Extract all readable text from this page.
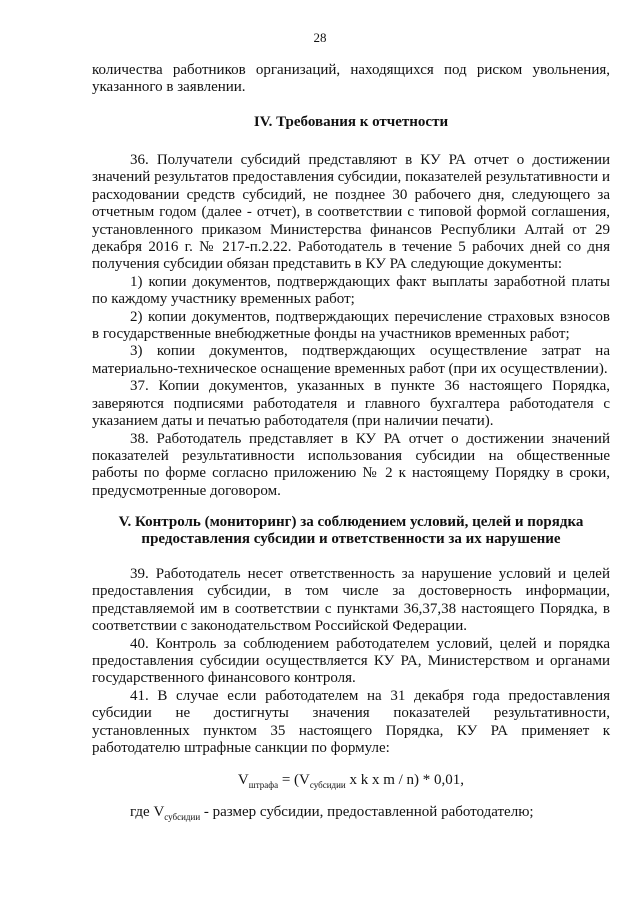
28

количества работников организаций, находящихся под риском увольнения, указанного в заявлении.

IV. Требования к отчетности

36. Получатели субсидий представляют в КУ РА отчет о достижении значений результатов предоставления субсидии, показателей результативности и расходовании средств субсидий, не позднее 30 рабочего дня, следующего за отчетным годом (далее - отчет), в соответствии с типовой формой соглашения, установленного приказом Министерства финансов Республики Алтай от 29 декабря 2016 г. № 217-п.2.22. Работодатель в течение 5 рабочих дней со дня получения субсидии обязан представить в КУ РА следующие документы:

1) копии документов, подтверждающих факт выплаты заработной платы по каждому участнику временных работ;

2) копии документов, подтверждающих перечисление страховых взносов в государственные внебюджетные фонды на участников временных работ;

3) копии документов, подтверждающих осуществление затрат на материально-техническое оснащение временных работ (при их осуществлении).

37. Копии документов, указанных в пункте 36 настоящего Порядка, заверяются подписями работодателя и главного бухгалтера работодателя с указанием даты и печатью работодателя (при наличии печати).

38. Работодатель представляет в КУ РА отчет о достижении значений показателей результативности использования субсидии на общественные работы по форме согласно приложению № 2 к настоящему Порядку в сроки, предусмотренные договором.

V. Контроль (мониторинг) за соблюдением условий, целей и порядка

предоставления субсидии и ответственности за их нарушение

39. Работодатель несет ответственность за нарушение условий и целей предоставления субсидии, в том числе за достоверность информации, представляемой им в соответствии с пунктами 36,37,38 настоящего Порядка, в соответствии с законодательством Российской Федерации.

40. Контроль за соблюдением работодателем условий, целей и порядка предоставления субсидии осуществляется КУ РА, Министерством и органами государственного финансового контроля.

41. В случае если работодателем на 31 декабря года предоставления субсидии не достигнуты значения показателей результативности, установленных пунктом 35 настоящего Порядка, КУ РА применяет к работодателю штрафные санкции по формуле:

$V_{штрафа} = (V_{субсидии}$ x k x m / n) * 0,01,

где $V_{субсидии}$ - размер субсидии, предоставленной работодателю;
